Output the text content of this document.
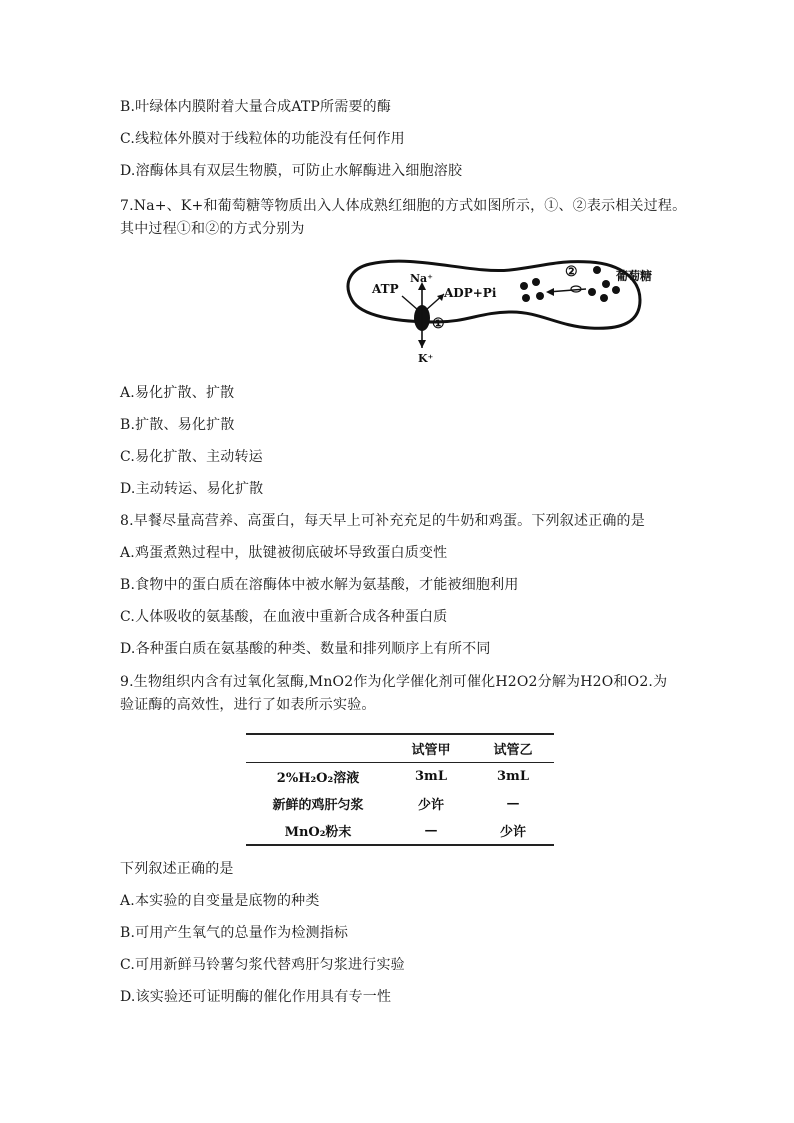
B.叶绿体内膜附着大量合成ATP所需要的酶
C.线粒体外膜对于线粒体的功能没有任何作用
D.溶酶体具有双层生物膜，可防止水解酶进入细胞溶胶
7.Na+、K+和葡萄糖等物质出入人体成熟红细胞的方式如图所示，①、②表示相关过程。
其中过程①和②的方式分别为
ATP
Na⁺
ADP+Pi
①
K⁺
②	葡萄糖
A.易化扩散、扩散
B.扩散、易化扩散
C.易化扩散、主动转运
D.主动转运、易化扩散
8.早餐尽量高营养、高蛋白，每天早上可补充充足的牛奶和鸡蛋。下列叙述正确的是
A.鸡蛋煮熟过程中，肽键被彻底破坏导致蛋白质变性
B.食物中的蛋白质在溶酶体中被水解为氨基酸，才能被细胞利用
C.人体吸收的氨基酸，在血液中重新合成各种蛋白质
D.各种蛋白质在氨基酸的种类、数量和排列顺序上有所不同
9.生物组织内含有过氧化氢酶,MnO2作为化学催化剂可催化H2O2分解为H2O和O2.为
验证酶的高效性，进行了如表所示实验。
	试管甲	试管乙
2%H₂O₂溶液	3mL	3mL
新鲜的鸡肝匀浆	少许	—
MnO₂粉末	—	少许
下列叙述正确的是
A.本实验的自变量是底物的种类
B.可用产生氧气的总量作为检测指标
C.可用新鲜马铃薯匀浆代替鸡肝匀浆进行实验
D.该实验还可证明酶的催化作用具有专一性
